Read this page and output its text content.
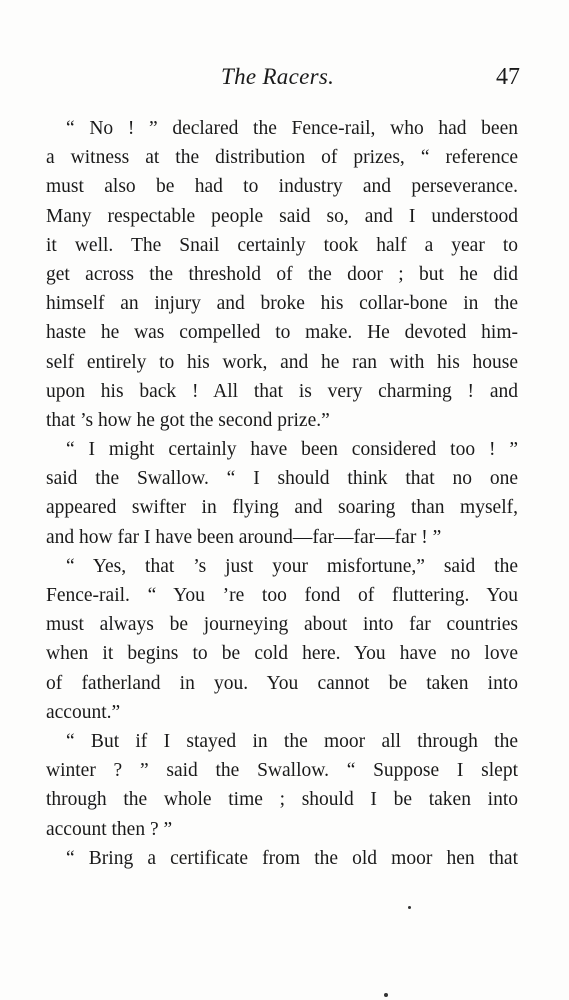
The Racers.	47
“ No ! ” declared the Fence-rail, who had been
a witness at the distribution of prizes, “ reference
must also be had to industry and perseverance.
Many respectable people said so, and I understood
it well. The Snail certainly took half a year to
get across the threshold of the door ; but he did
himself an injury and broke his collar-bone in the
haste he was compelled to make. He devoted him-
self entirely to his work, and he ran with his house
upon his back ! All that is very charming ! and
that ’s how he got the second prize.”
“ I might certainly have been considered too ! ”
said the Swallow. “ I should think that no one
appeared swifter in flying and soaring than myself,
and how far I have been around—far—far—far ! ”
“ Yes, that ’s just your misfortune,” said the
Fence-rail. “ You ’re too fond of fluttering. You
must always be journeying about into far countries
when it begins to be cold here. You have no love
of fatherland in you. You cannot be taken into
account.”
“ But if I stayed in the moor all through the
winter ? ” said the Swallow. “ Suppose I slept
through the whole time ; should I be taken into
account then ? ”
“ Bring a certificate from the old moor hen that
